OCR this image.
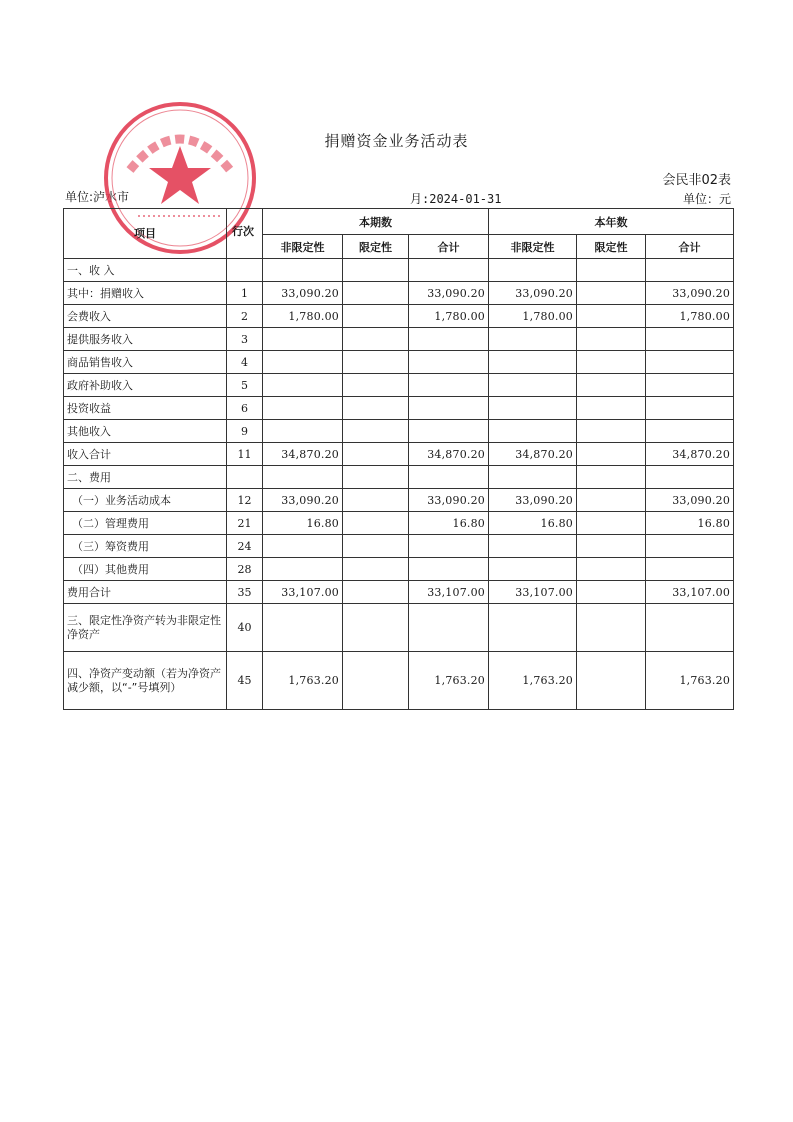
捐赠资金业务活动表
会民非02表
单位:泸水市	月:2024-01-31	单位：元
项目	行次	本期数			本年数		
		非限定性	限定性	合计	非限定性	限定性	合计
一、收 入							
其中：捐赠收入	1	33,090.20		33,090.20	33,090.20		33,090.20
会费收入	2	1,780.00		1,780.00	1,780.00		1,780.00
提供服务收入	3						
商品销售收入	4						
政府补助收入	5						
投资收益	6						
其他收入	9						
收入合计	11	34,870.20		34,870.20	34,870.20		34,870.20
二、费用							
（一）业务活动成本	12	33,090.20		33,090.20	33,090.20		33,090.20
（二）管理费用	21	16.80		16.80	16.80		16.80
（三）筹资费用	24						
（四）其他费用	28						
费用合计	35	33,107.00		33,107.00	33,107.00		33,107.00
三、限定性净资产转为非限定性净资产	40						
四、净资产变动额（若为净资产减少额，以“-”号填列）	45	1,763.20		1,763.20	1,763.20		1,763.20
